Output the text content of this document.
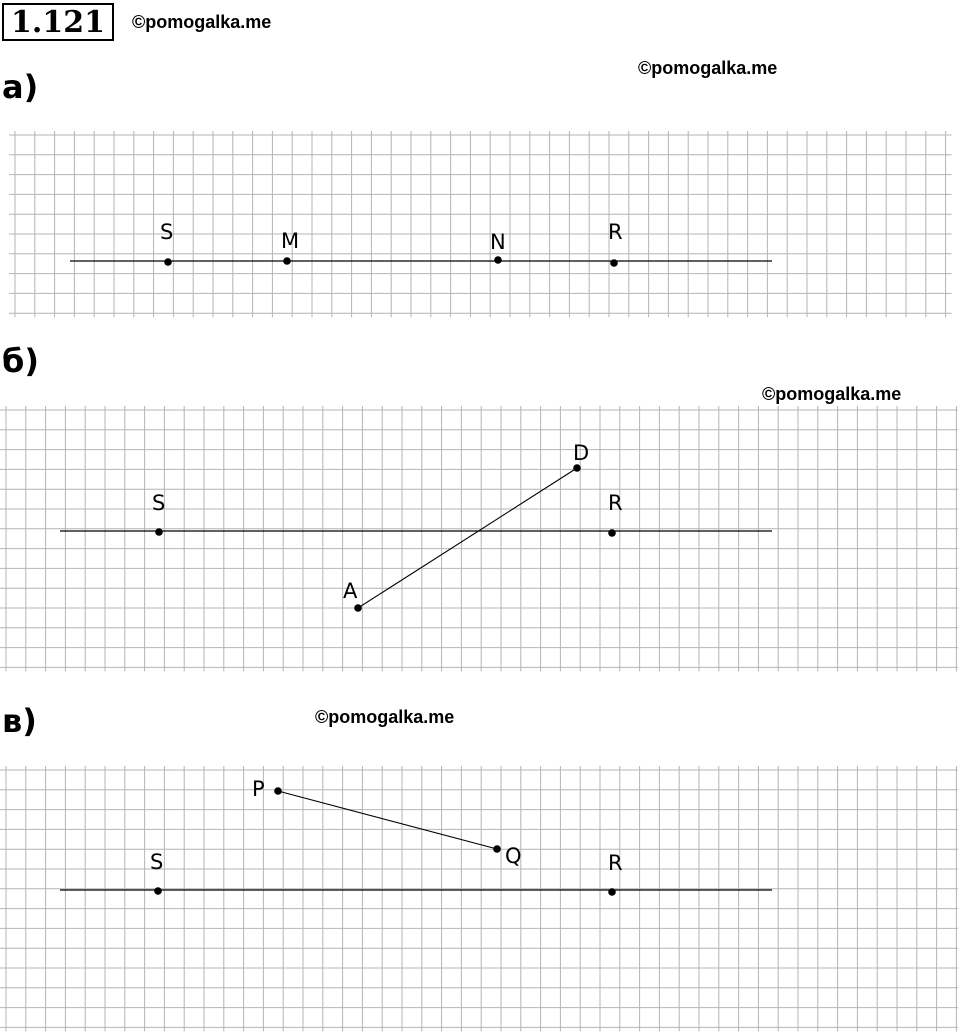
1.121	©pomogalka.me
а)	©pomogalka.me
S	M	N	R
б)
©pomogalka.me
S	R
A
D
в)	©pomogalka.me
P
Q
S	R
